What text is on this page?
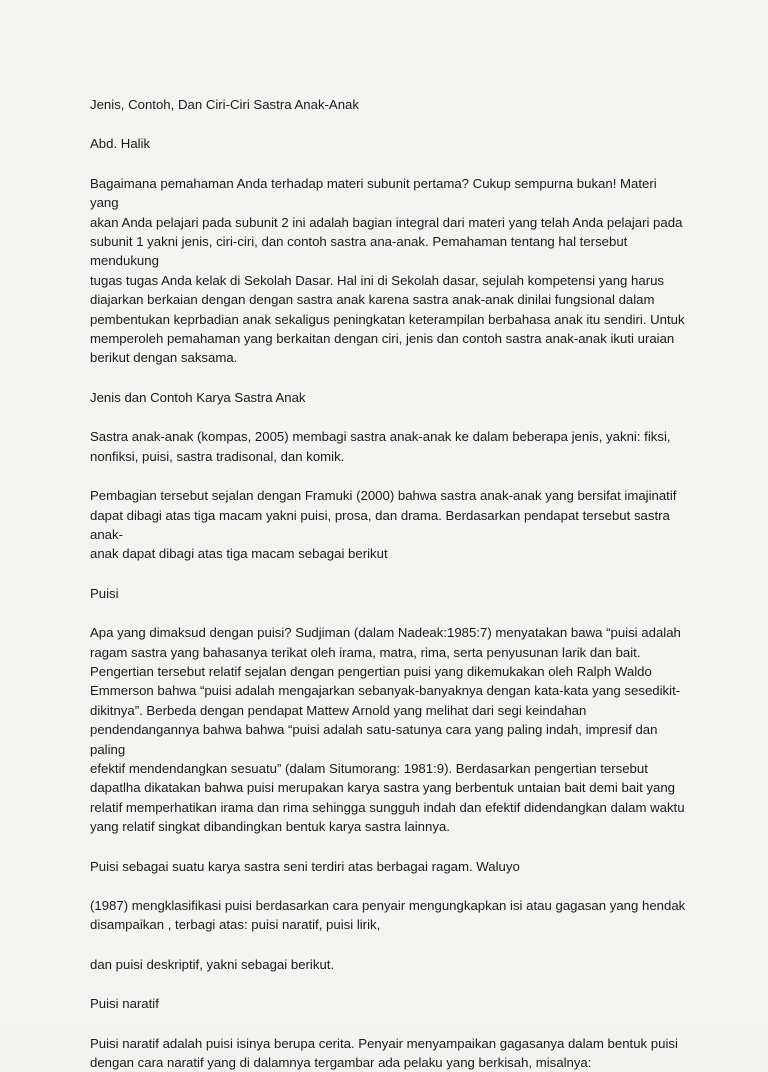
Jenis, Contoh, Dan Ciri-Ciri Sastra Anak-Anak

Abd. Halik

Bagaimana pemahaman Anda terhadap materi subunit pertama? Cukup sempurna bukan! Materi yang
akan Anda pelajari pada subunit 2 ini adalah bagian integral dari materi yang telah Anda pelajari pada
subunit 1 yakni jenis, ciri-ciri, dan contoh sastra ana-anak. Pemahaman tentang hal tersebut mendukung
tugas tugas Anda kelak di Sekolah Dasar. Hal ini di Sekolah dasar, sejulah kompetensi yang harus
diajarkan berkaian dengan dengan sastra anak karena sastra anak-anak dinilai fungsional dalam
pembentukan keprbadian anak sekaligus peningkatan keterampilan berbahasa anak itu sendiri. Untuk
memperoleh pemahaman yang berkaitan dengan ciri, jenis dan contoh sastra anak-anak ikuti uraian
berikut dengan saksama.

Jenis dan Contoh Karya Sastra Anak

Sastra anak-anak (kompas, 2005) membagi sastra anak-anak ke dalam beberapa jenis, yakni: fiksi,
nonfiksi, puisi, sastra tradisonal, dan komik.

Pembagian tersebut sejalan dengan Framuki (2000) bahwa sastra anak-anak yang bersifat imajinatif
dapat dibagi atas tiga macam yakni puisi, prosa, dan drama. Berdasarkan pendapat tersebut sastra anak-
anak dapat dibagi atas tiga macam sebagai berikut

Puisi

Apa yang dimaksud dengan puisi? Sudjiman (dalam Nadeak:1985:7) menyatakan bawa “puisi adalah
ragam sastra yang bahasanya terikat oleh irama, matra, rima, serta penyusunan larik dan bait.
Pengertian tersebut relatif sejalan dengan pengertian puisi yang dikemukakan oleh Ralph Waldo
Emmerson bahwa “puisi adalah mengajarkan sebanyak-banyaknya dengan kata-kata yang sesedikit-
dikitnya”. Berbeda dengan pendapat Mattew Arnold yang melihat dari segi keindahan
pendendangannya bahwa bahwa “puisi adalah satu-satunya cara yang paling indah, impresif dan paling
efektif mendendangkan sesuatu” (dalam Situmorang: 1981:9). Berdasarkan pengertian tersebut
dapatlha dikatakan bahwa puisi merupakan karya sastra yang berbentuk untaian bait demi bait yang
relatif memperhatikan irama dan rima sehingga sungguh indah dan efektif didendangkan dalam waktu
yang relatif singkat dibandingkan bentuk karya sastra lainnya.

Puisi sebagai suatu karya sastra seni terdiri atas berbagai ragam. Waluyo

(1987) mengklasifikasi puisi berdasarkan cara penyair mengungkapkan isi atau gagasan yang hendak
disampaikan , terbagi atas: puisi naratif, puisi lirik,

dan puisi deskriptif, yakni sebagai berikut.

Puisi naratif

Puisi naratif adalah puisi isinya berupa cerita. Penyair menyampaikan gagasanya dalam bentuk puisi
dengan cara naratif yang di dalamnya tergambar ada pelaku yang berkisah, misalnya:
